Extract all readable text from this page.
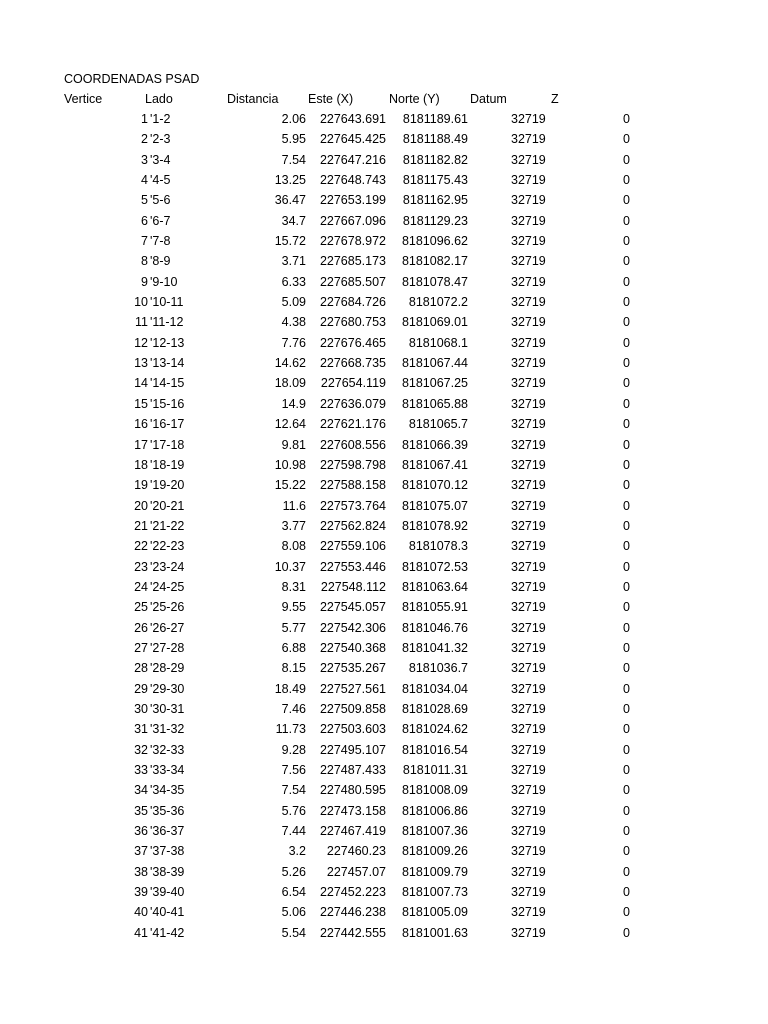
COORDENADAS PSAD
Vertice	Lado	Distancia Este (X)	Norte (Y) Datum	Z
1 '1-2	2.06 227643.691 8181189.61	32719	0
2 '2-3	5.95 227645.425 8181188.49	32719	0
3 '3-4	7.54 227647.216 8181182.82	32719	0
4 '4-5	13.25 227648.743 8181175.43	32719	0
5 '5-6	36.47 227653.199 8181162.95	32719	0
6 '6-7	34.7 227667.096 8181129.23	32719	0
7 '7-8	15.72 227678.972 8181096.62	32719	0
8 '8-9	3.71 227685.173 8181082.17	32719	0
9 '9-10	6.33 227685.507 8181078.47	32719	0
10 '10-11	5.09 227684.726 8181072.2	32719	0
11 '11-12	4.38 227680.753 8181069.01	32719	0
12 '12-13	7.76 227676.465 8181068.1	32719	0
13 '13-14	14.62 227668.735 8181067.44	32719	0
14 '14-15	18.09 227654.119 8181067.25	32719	0
15 '15-16	14.9 227636.079 8181065.88	32719	0
16 '16-17	12.64 227621.176 8181065.7	32719	0
17 '17-18	9.81 227608.556 8181066.39	32719	0
18 '18-19	10.98 227598.798 8181067.41	32719	0
19 '19-20	15.22 227588.158 8181070.12	32719	0
20 '20-21	11.6 227573.764 8181075.07	32719	0
21 '21-22	3.77 227562.824 8181078.92	32719	0
22 '22-23	8.08 227559.106 8181078.3	32719	0
23 '23-24	10.37 227553.446 8181072.53	32719	0
24 '24-25	8.31 227548.112 8181063.64	32719	0
25 '25-26	9.55 227545.057 8181055.91	32719	0
26 '26-27	5.77 227542.306 8181046.76	32719	0
27 '27-28	6.88 227540.368 8181041.32	32719	0
28 '28-29	8.15 227535.267 8181036.7	32719	0
29 '29-30	18.49 227527.561 8181034.04	32719	0
30 '30-31	7.46 227509.858 8181028.69	32719	0
31 '31-32	11.73 227503.603 8181024.62	32719	0
32 '32-33	9.28 227495.107 8181016.54	32719	0
33 '33-34	7.56 227487.433 8181011.31	32719	0
34 '34-35	7.54 227480.595 8181008.09	32719	0
35 '35-36	5.76 227473.158 8181006.86	32719	0
36 '36-37	7.44 227467.419 8181007.36	32719	0
37 '37-38	3.2 227460.23 8181009.26	32719	0
38 '38-39	5.26 227457.07 8181009.79	32719	0
39 '39-40	6.54 227452.223 8181007.73	32719	0
40 '40-41	5.06 227446.238 8181005.09	32719	0
41 '41-42	5.54 227442.555 8181001.63	32719	0
